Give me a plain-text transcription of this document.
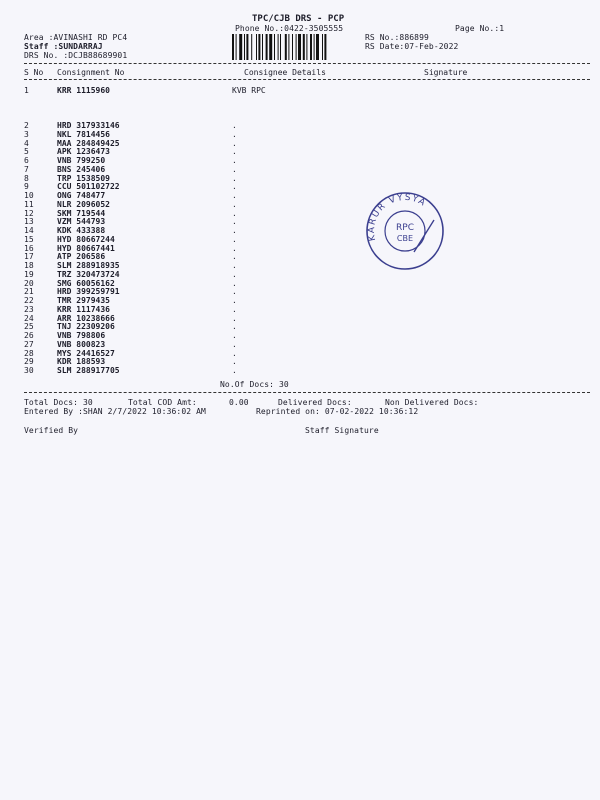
TPC/CJB DRS - PCP
Phone No.:0422-3505555	Page No.:1
Area :AVINASHI RD PC4
Staff :SUNDARRAJ
DRS No. :DCJB88689901
RS No.:886899
RS Date:07-Feb-2022
S No Consignment No	Consignee Details	Signature
1	KRR 1115960	KVB RPC
2	HRD 317933146	.
3	NKL 7814456	.
4	MAA 284849425	.
5	APK 1236473	.
6	VNB 799250	.
7	BNS 245406	.
8	TRP 1538509	.
9	CCU 501102722	.
10	ONG 748477	.
11	NLR 2096052	.
12	SKM 719544	.
13	VZM 544793	.
14	KDK 433388	.
15	HYD 80667244	.
16	HYD 80667441	.
17	ATP 206586	.
18	SLM 288918935	.
19	TRZ 320473724	.
20	SMG 60056162	.
21	HRD 399259791	.
22	TMR 2979435	.
23	KRR 1117436	.
24	ARR 10238666	.
25	TNJ 22309206	.
26	VNB 798806	.
27	VNB 800823	.
28	MYS 24416527	.
29	KDR 188593	.
30	SLM 288917705	.
KARUR VYSYA
RPC
CBE
No.Of Docs: 30
Total Docs: 30	Total COD Amt:	0.00	Delivered Docs:	Non Delivered Docs:
Entered By :SHAN 2/7/2022 10:36:02 AM	Reprinted on: 07-02-2022 10:36:12
Verified By	Staff Signature
